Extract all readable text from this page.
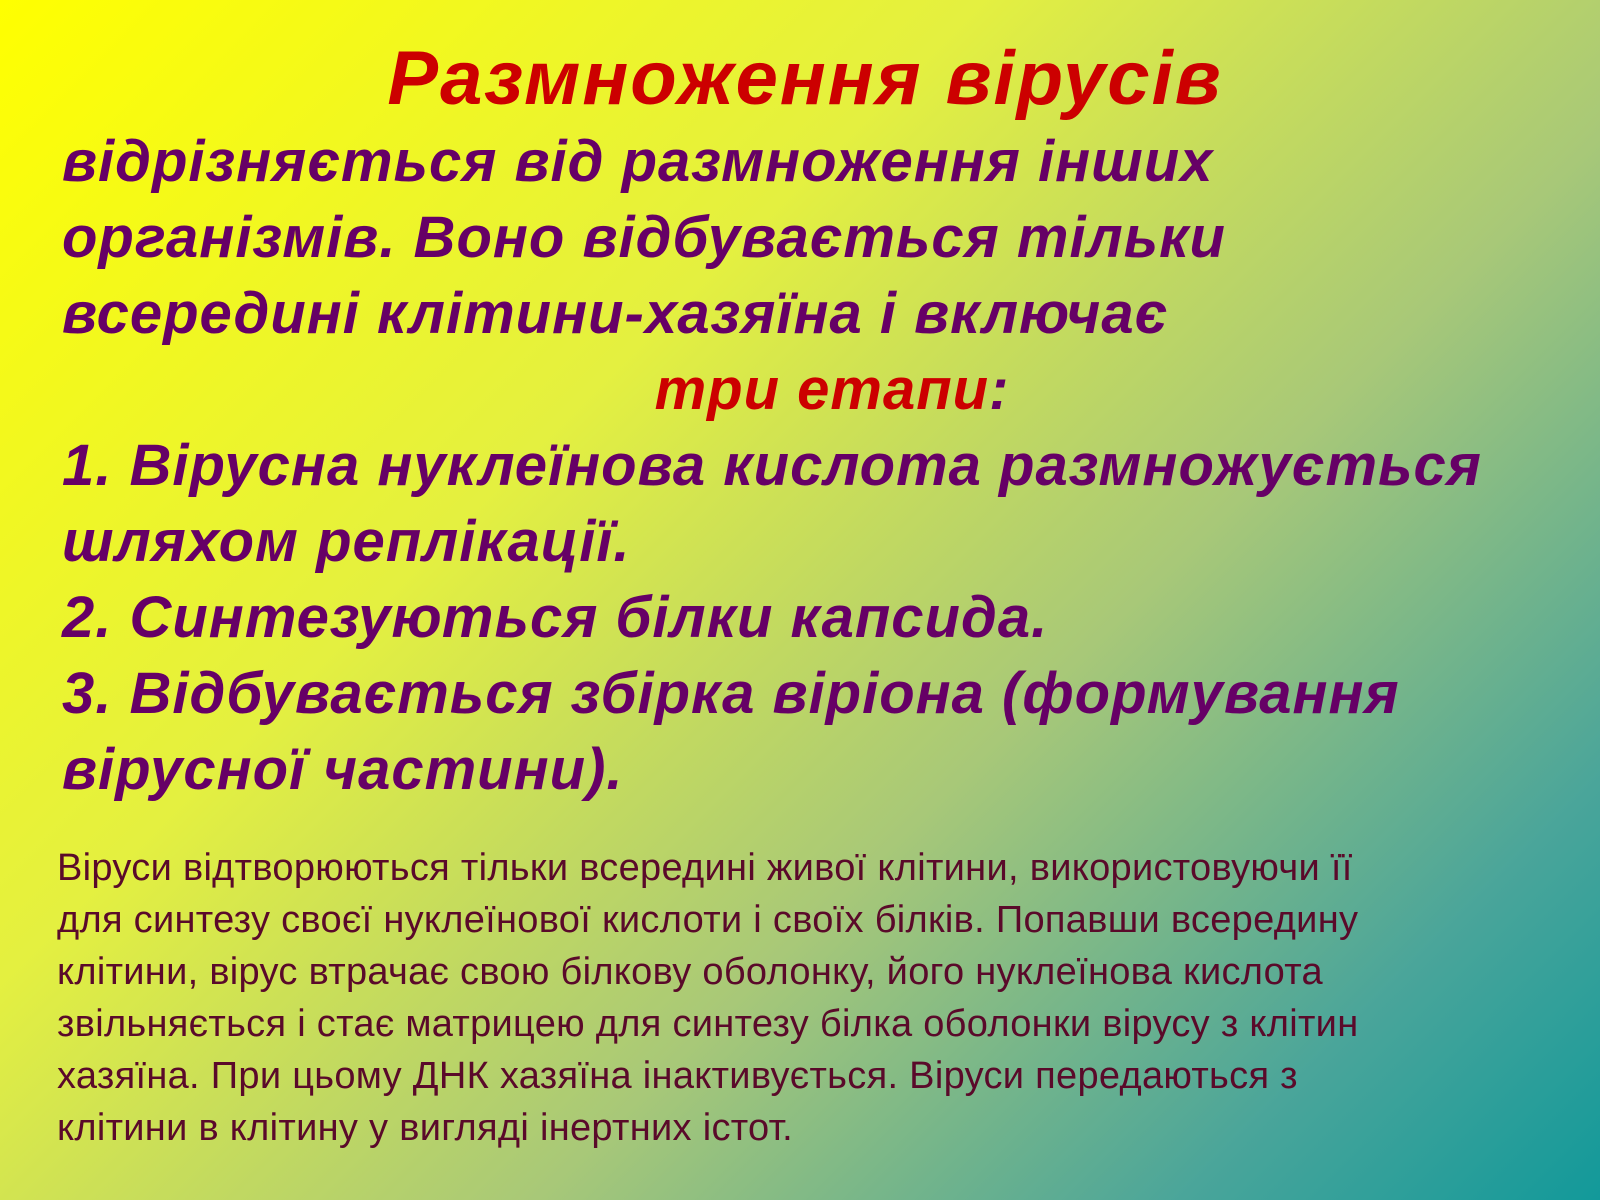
Размноження вірусів
відрізняється від размноження інших
організмів. Воно відбувається тільки
всередині клітини-хазяїна і включає
три етапи:
1. Вірусна нуклеїнова кислота размножується
шляхом реплікації.
2. Синтезуються білки капсида.
3. Відбувається збірка віріона (формування
вірусної частини).
Віруси відтворюються тільки всередині живої клітини, використовуючи її
для синтезу своєї нуклеїнової кислоти і своїх білків. Попавши всередину
клітини, вірус втрачає свою білкову оболонку, його нуклеїнова кислота
звільняється і стає матрицею для синтезу білка оболонки вірусу з клітин
хазяїна. При цьому ДНК хазяїна інактивується. Віруси передаються з
клітини в клітину у вигляді інертних істот.
